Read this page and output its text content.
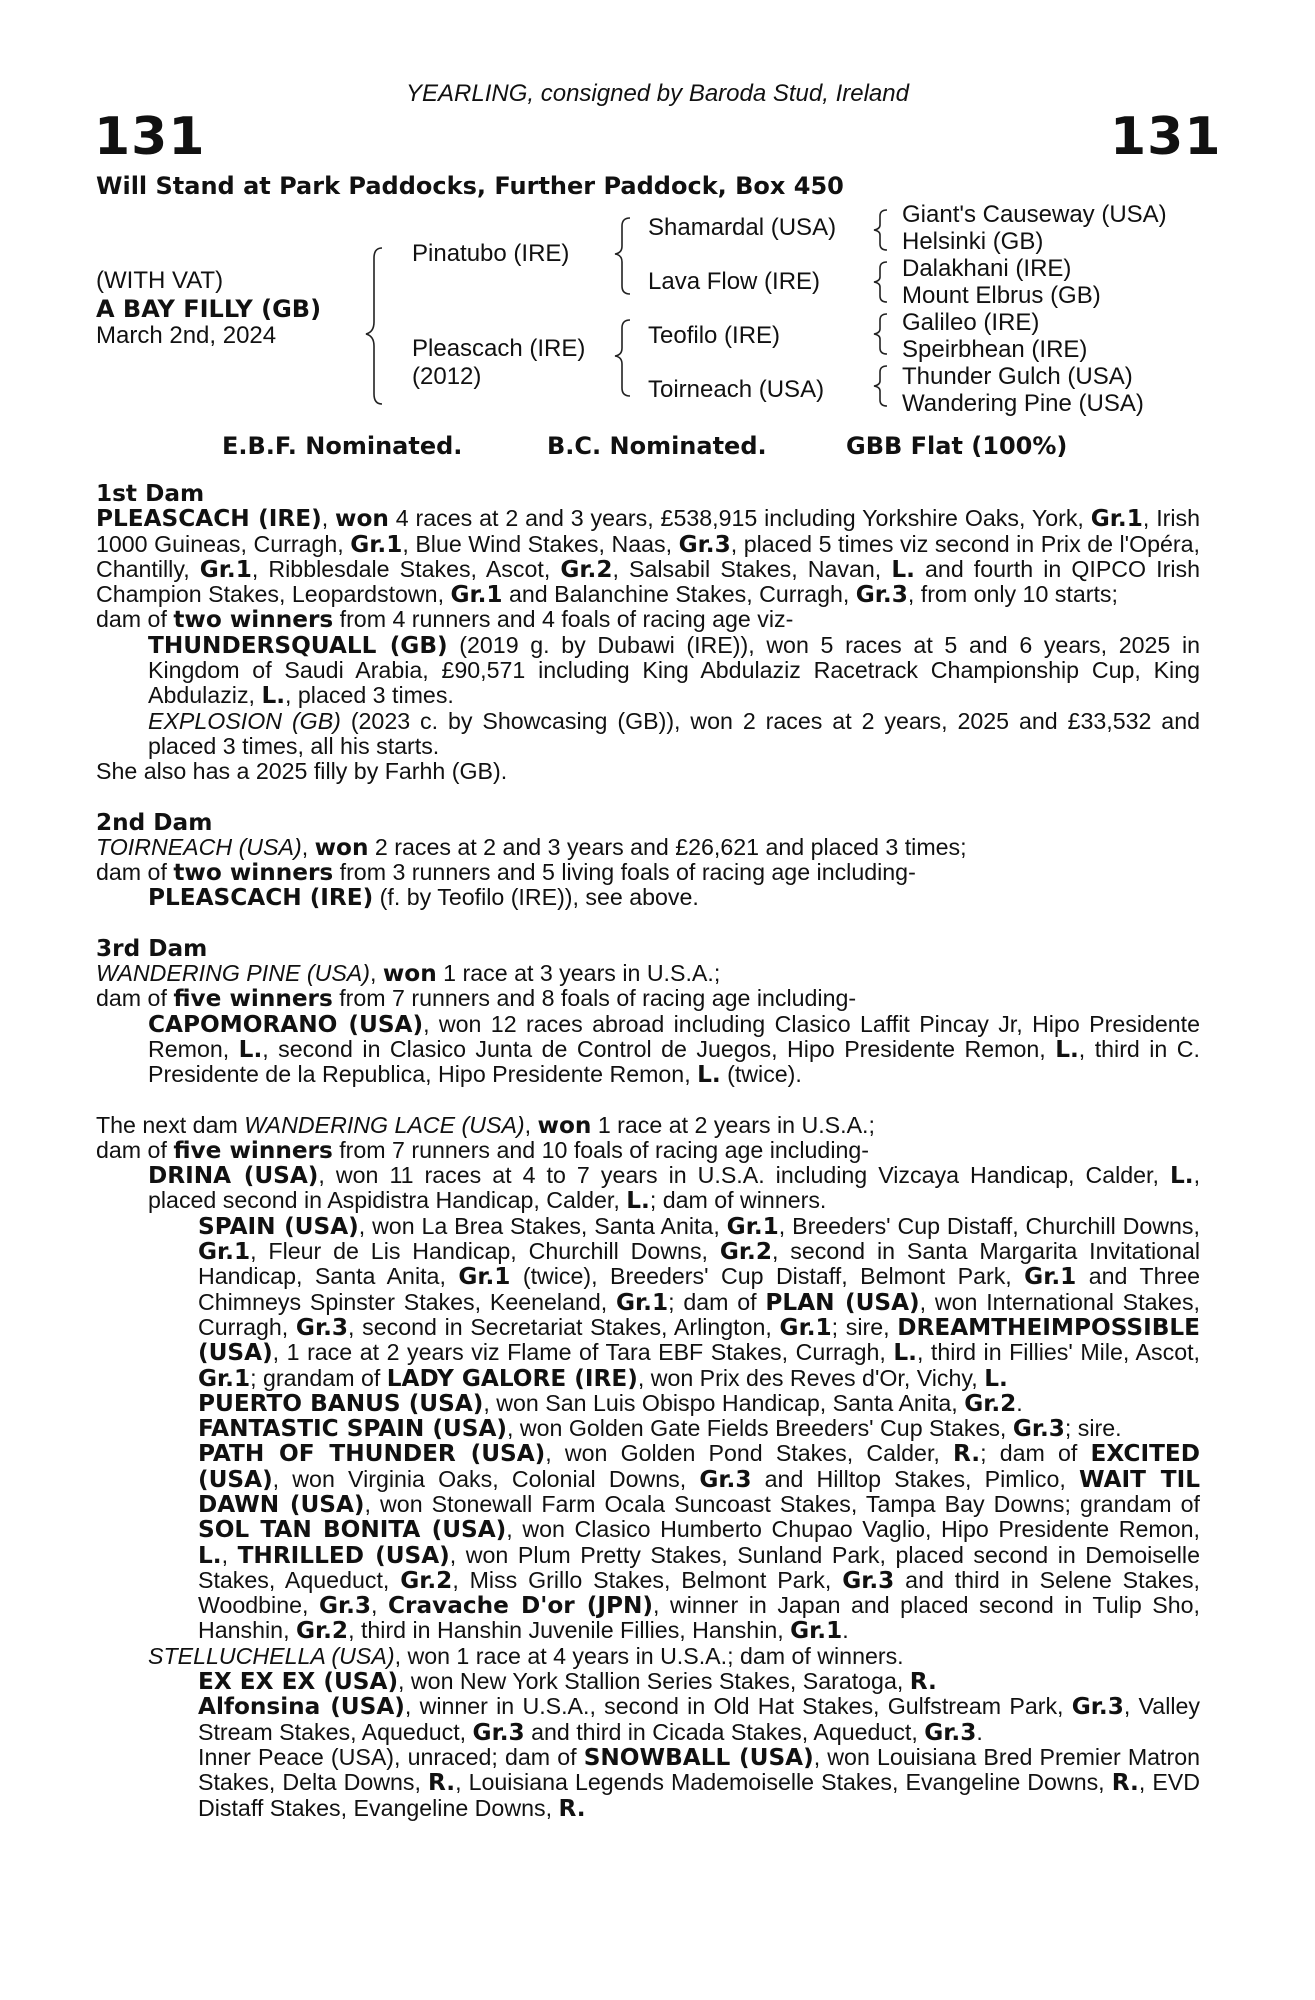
YEARLING, consigned by Baroda Stud, Ireland
131	131
Will Stand at Park Paddocks, Further Paddock, Box 450
(WITH VAT)
A BAY FILLY (GB)
March 2nd, 2024
Pinatubo (IRE)
Pleascach (IRE)
(2012)
Shamardal (USA)
Lava Flow (IRE)
Teofilo (IRE)
Toirneach (USA)
Giant's Causeway (USA)
Helsinki (GB)
Dalakhani (IRE)
Mount Elbrus (GB)
Galileo (IRE)
Speirbhean (IRE)
Thunder Gulch (USA)
Wandering Pine (USA)
E.B.F. Nominated.	B.C. Nominated.	GBB Flat (100%)

1st Dam

PLEASCACH (IRE), won 4 races at 2 and 3 years, £538,915 including Yorkshire Oaks, York, Gr.1, Irish 1000 Guineas, Curragh, Gr.1, Blue Wind Stakes, Naas, Gr.3, placed 5 times viz second in Prix de l'Opéra, Chantilly, Gr.1, Ribblesdale Stakes, Ascot, Gr.2, Salsabil Stakes, Navan, L. and fourth in QIPCO Irish Champion Stakes, Leopardstown, Gr.1 and Balanchine Stakes, Curragh, Gr.3, from only 10 starts;

dam of two winners from 4 runners and 4 foals of racing age viz-

THUNDERSQUALL (GB) (2019 g. by Dubawi (IRE)), won 5 races at 5 and 6 years, 2025 in Kingdom of Saudi Arabia, £90,571 including King Abdulaziz Racetrack Championship Cup, King Abdulaziz, L., placed 3 times.

EXPLOSION (GB) (2023 c. by Showcasing (GB)), won 2 races at 2 years, 2025 and £33,532 and placed 3 times, all his starts.

She also has a 2025 filly by Farhh (GB).

2nd Dam

TOIRNEACH (USA), won 2 races at 2 and 3 years and £26,621 and placed 3 times;

dam of two winners from 3 runners and 5 living foals of racing age including-

PLEASCACH (IRE) (f. by Teofilo (IRE)), see above.

3rd Dam

WANDERING PINE (USA), won 1 race at 3 years in U.S.A.;

dam of five winners from 7 runners and 8 foals of racing age including-

CAPOMORANO (USA), won 12 races abroad including Clasico Laffit Pincay Jr, Hipo Presidente Remon, L., second in Clasico Junta de Control de Juegos, Hipo Presidente Remon, L., third in C. Presidente de la Republica, Hipo Presidente Remon, L. (twice).

The next dam WANDERING LACE (USA), won 1 race at 2 years in U.S.A.;

dam of five winners from 7 runners and 10 foals of racing age including-

DRINA (USA), won 11 races at 4 to 7 years in U.S.A. including Vizcaya Handicap, Calder, L., placed second in Aspidistra Handicap, Calder, L.; dam of winners.

SPAIN (USA), won La Brea Stakes, Santa Anita, Gr.1, Breeders' Cup Distaff, Churchill Downs, Gr.1, Fleur de Lis Handicap, Churchill Downs, Gr.2, second in Santa Margarita Invitational Handicap, Santa Anita, Gr.1 (twice), Breeders' Cup Distaff, Belmont Park, Gr.1 and Three Chimneys Spinster Stakes, Keeneland, Gr.1; dam of PLAN (USA), won International Stakes, Curragh, Gr.3, second in Secretariat Stakes, Arlington, Gr.1; sire, DREAMTHEIMPOSSIBLE (USA), 1 race at 2 years viz Flame of Tara EBF Stakes, Curragh, L., third in Fillies' Mile, Ascot, Gr.1; grandam of LADY GALORE (IRE), won Prix des Reves d'Or, Vichy, L.

PUERTO BANUS (USA), won San Luis Obispo Handicap, Santa Anita, Gr.2.

FANTASTIC SPAIN (USA), won Golden Gate Fields Breeders' Cup Stakes, Gr.3; sire.

PATH OF THUNDER (USA), won Golden Pond Stakes, Calder, R.; dam of EXCITED (USA), won Virginia Oaks, Colonial Downs, Gr.3 and Hilltop Stakes, Pimlico, WAIT TIL DAWN (USA), won Stonewall Farm Ocala Suncoast Stakes, Tampa Bay Downs; grandam of SOL TAN BONITA (USA), won Clasico Humberto Chupao Vaglio, Hipo Presidente Remon, L., THRILLED (USA), won Plum Pretty Stakes, Sunland Park, placed second in Demoiselle Stakes, Aqueduct, Gr.2, Miss Grillo Stakes, Belmont Park, Gr.3 and third in Selene Stakes, Woodbine, Gr.3, Cravache D'or (JPN), winner in Japan and placed second in Tulip Sho, Hanshin, Gr.2, third in Hanshin Juvenile Fillies, Hanshin, Gr.1.

STELLUCHELLA (USA), won 1 race at 4 years in U.S.A.; dam of winners.

EX EX EX (USA), won New York Stallion Series Stakes, Saratoga, R.

Alfonsina (USA), winner in U.S.A., second in Old Hat Stakes, Gulfstream Park, Gr.3, Valley Stream Stakes, Aqueduct, Gr.3 and third in Cicada Stakes, Aqueduct, Gr.3.

Inner Peace (USA), unraced; dam of SNOWBALL (USA), won Louisiana Bred Premier Matron Stakes, Delta Downs, R., Louisiana Legends Mademoiselle Stakes, Evangeline Downs, R., EVD Distaff Stakes, Evangeline Downs, R.
